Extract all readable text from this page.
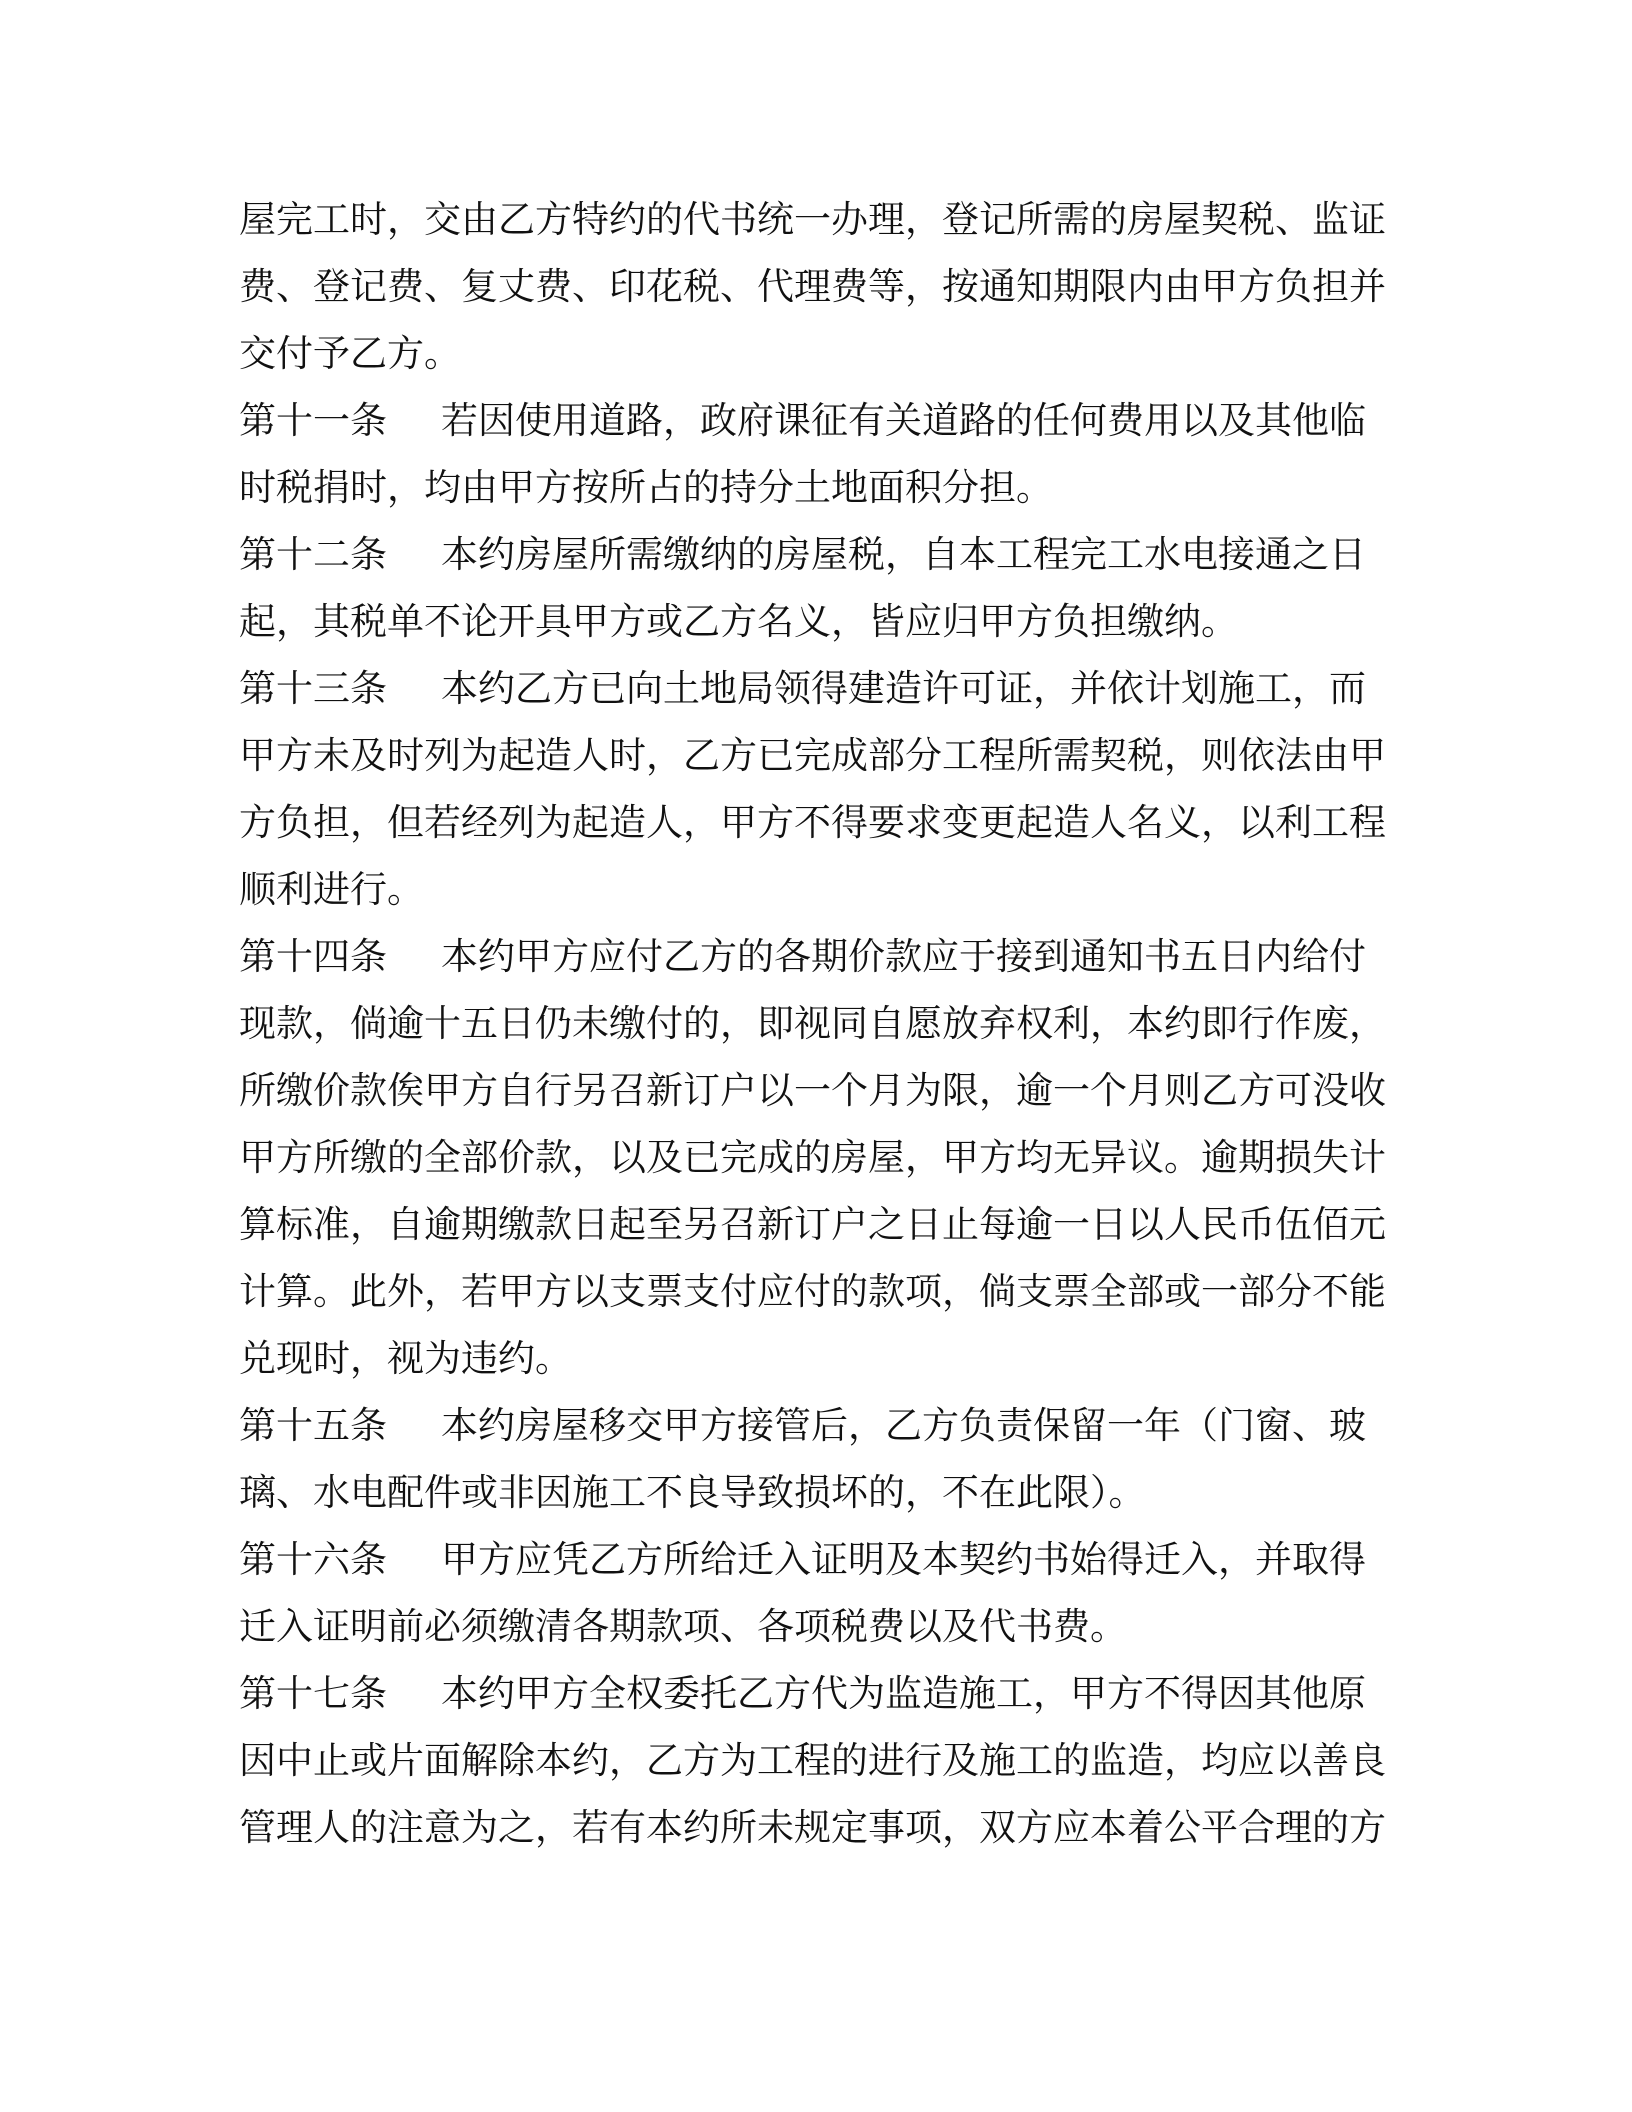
屋完工时，交由乙方特约的代书统一办理，登记所需的房屋契税、监证
费、登记费、复丈费、印花税、代理费等，按通知期限内由甲方负担并
交付予乙方。
第十一条 若因使用道路，政府课征有关道路的任何费用以及其他临
时税捐时，均由甲方按所占的持分土地面积分担。
第十二条 本约房屋所需缴纳的房屋税，自本工程完工水电接通之日
起，其税单不论开具甲方或乙方名义，皆应归甲方负担缴纳。
第十三条 本约乙方已向土地局领得建造许可证，并依计划施工，而
甲方未及时列为起造人时，乙方已完成部分工程所需契税，则依法由甲
方负担，但若经列为起造人，甲方不得要求变更起造人名义，以利工程
顺利进行。
第十四条 本约甲方应付乙方的各期价款应于接到通知书五日内给付
现款，倘逾十五日仍未缴付的，即视同自愿放弃权利，本约即行作废，
所缴价款俟甲方自行另召新订户以一个月为限，逾一个月则乙方可没收
甲方所缴的全部价款，以及已完成的房屋，甲方均无异议。逾期损失计
算标准，自逾期缴款日起至另召新订户之日止每逾一日以人民币伍佰元
计算。此外，若甲方以支票支付应付的款项，倘支票全部或一部分不能
兑现时，视为违约。
第十五条 本约房屋移交甲方接管后，乙方负责保留一年（门窗、玻
璃、水电配件或非因施工不良导致损坏的，不在此限）。
第十六条 甲方应凭乙方所给迁入证明及本契约书始得迁入，并取得
迁入证明前必须缴清各期款项、各项税费以及代书费。
第十七条 本约甲方全权委托乙方代为监造施工，甲方不得因其他原
因中止或片面解除本约，乙方为工程的进行及施工的监造，均应以善良
管理人的注意为之，若有本约所未规定事项，双方应本着公平合理的方
